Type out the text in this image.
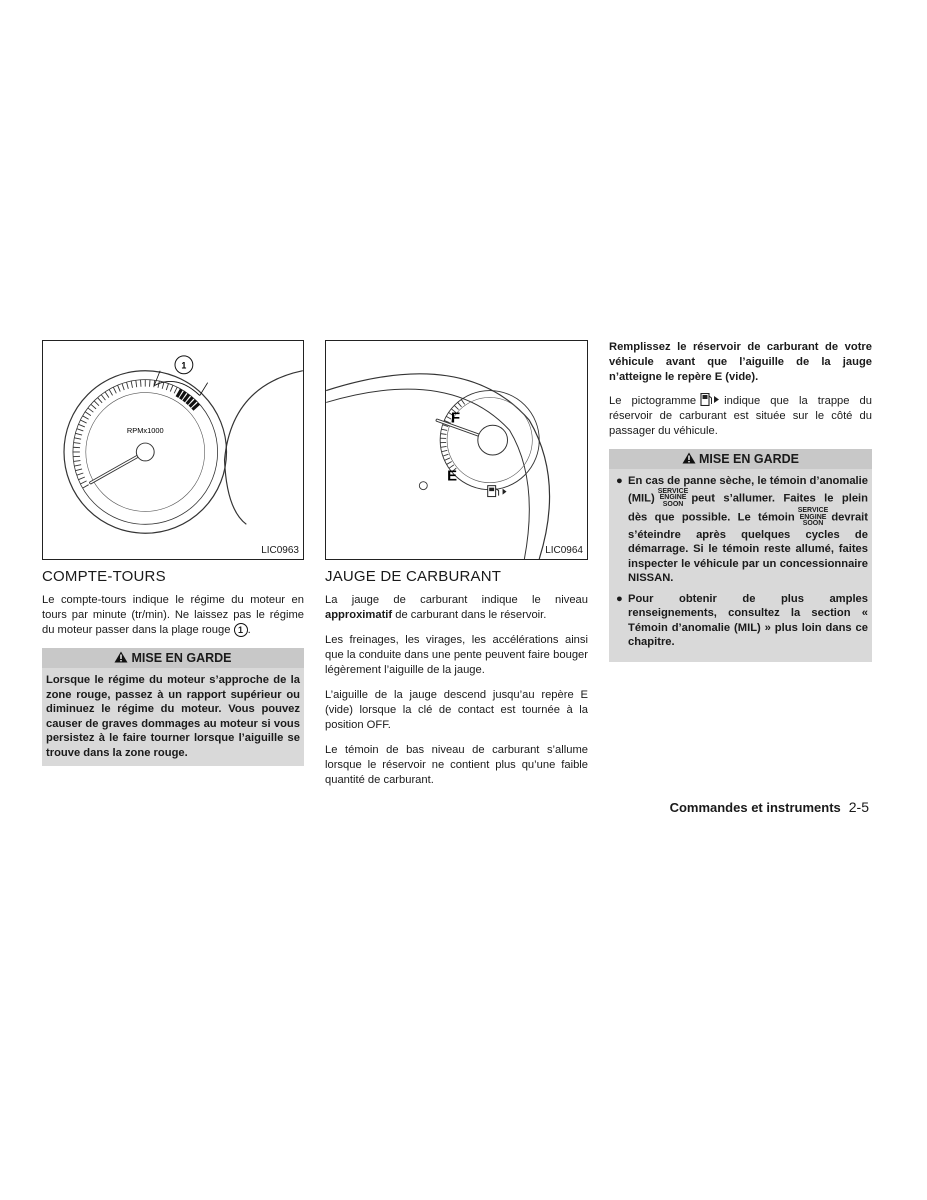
1
RPMx1000
LIC0963
COMPTE-TOURS

Le compte-tours indique le régime du moteur en tours par minute (tr/min). Ne laissez pas le régime du moteur passer dans la plage rouge 1 .

MISE EN GARDE
Lorsque le régime du moteur s’approche de la zone rouge, passez à un rapport supérieur ou diminuez le régime du moteur. Vous pouvez causer de graves dommages au moteur si vous persistez à le faire tourner lorsque l’aiguille se trouve dans la zone rouge.
F
E
LIC0964
JAUGE DE CARBURANT

La jauge de carburant indique le niveau approximatif de carburant dans le réservoir.

Les freinages, les virages, les accélérations ainsi que la conduite dans une pente peuvent faire bouger légèrement l’aiguille de la jauge.

L’aiguille de la jauge descend jusqu’au repère E (vide) lorsque la clé de contact est tournée à la position OFF.

Le témoin de bas niveau de carburant s’allume lorsque le réservoir ne contient plus qu’une faible quantité de carburant.

Remplissez le réservoir de carburant de votre véhicule avant que l’aiguille de la jauge n’atteigne le repère E (vide).

Le pictogramme	indique que la trappe du réservoir de carburant est située sur le côté du passager du véhicule.

MISE EN GARDE
● En cas de panne sèche, le témoin d’anomalie (MIL)
SERVICE
ENGINE
SOON peut s’allumer. Faites le plein dès que possible. Le témoin
SERVICE
ENGINE
SOON devrait s’éteindre après quelques cycles de démarrage. Si le témoin reste allumé, faites inspecter le véhicule par un concessionnaire NISSAN.
● Pour obtenir de plus amples renseignements, consultez la section « Témoin d’anomalie (MIL) » plus loin dans ce chapitre.
Commandes et instruments 2-5
